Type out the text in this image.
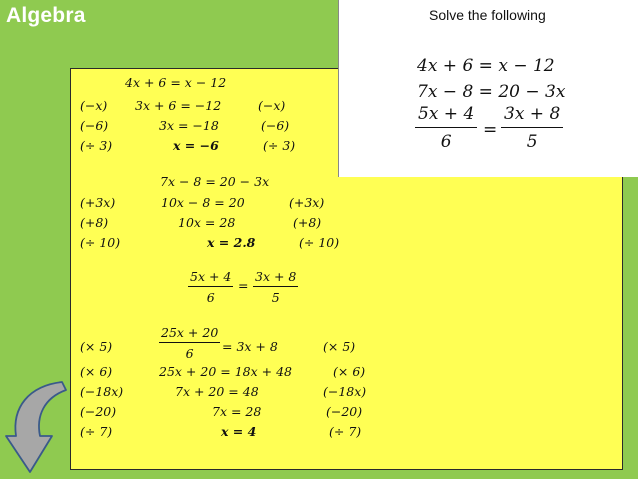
Algebra
4x + 6 = x − 12
(−x) 3x + 6 = −12	(−x)
(−6)	3x = −18	(−6)
(÷ 3)	x = −6	(÷ 3)
7x − 8 = 20 − 3x
(+3x)	10x − 8 = 20	(+3x)
(+8)	10x = 28	(+8)
(÷ 10)	x = 2.8	(÷ 10)
$\frac{5x + 4}{6} = \frac{3x + 8}{5}$
(× 5)	$\frac{25x + 20}{6} = 3x + 8$	(× 5)
(× 6)	25x + 20 = 18x + 48	(× 6)
(−18x)	7x + 20 = 48	(−18x)
(−20)	7x = 28	(−20)
(÷ 7)	x = 4	(÷ 7)
Solve the following
4x + 6 = x − 12
7x − 8 = 20 − 3x
$\frac{5x + 4}{6} = \frac{3x + 8}{5}$
